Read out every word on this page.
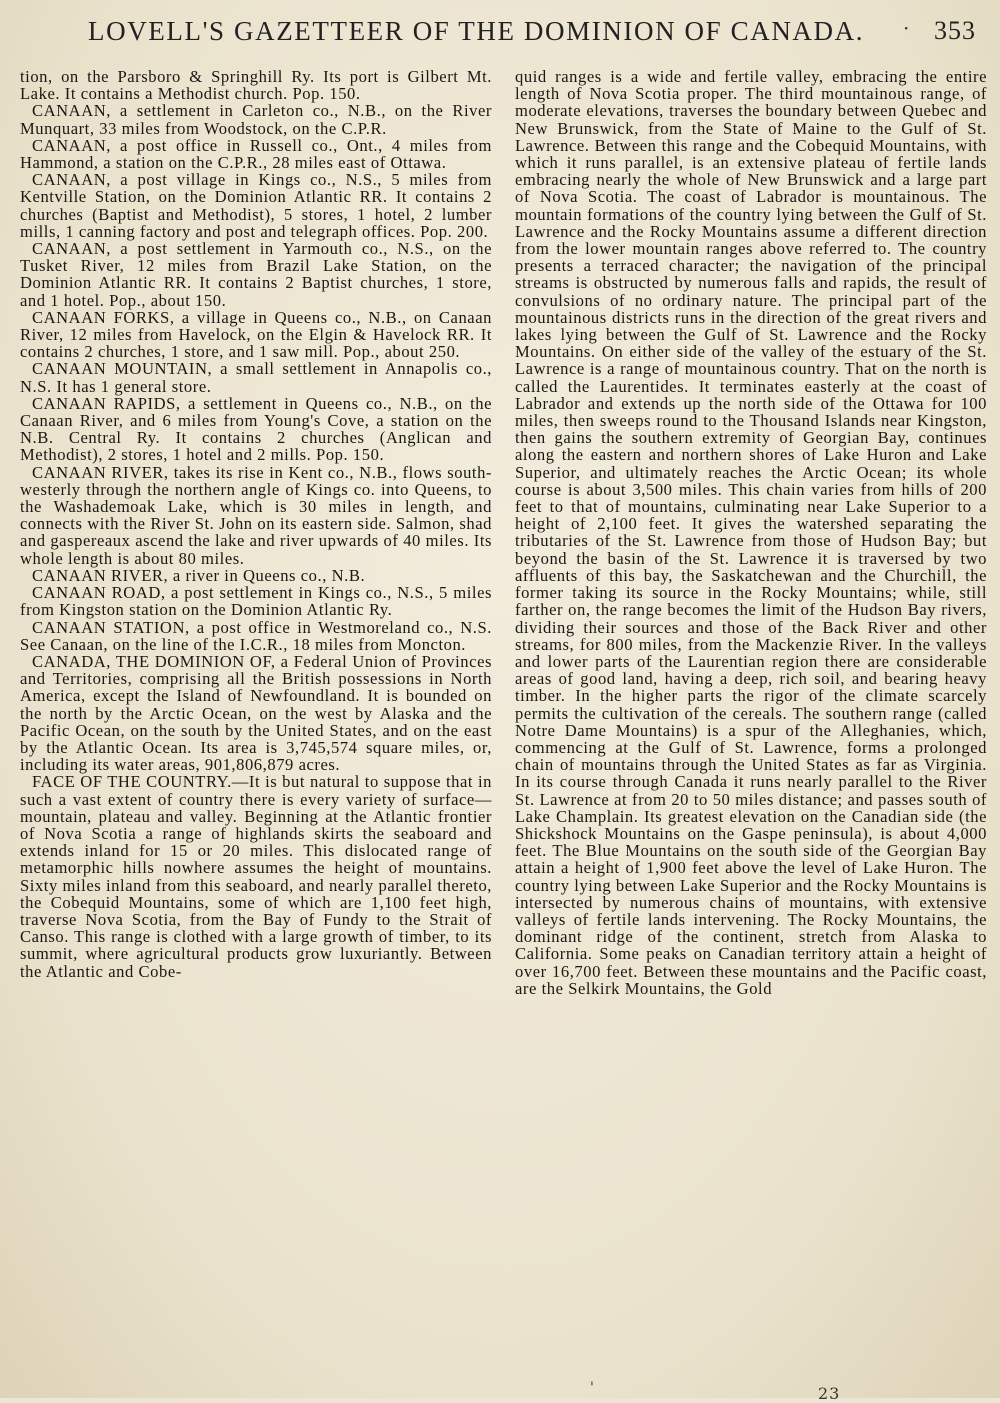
LOVELL'S GAZETTEER OF THE DOMINION OF CANADA. · 353

tion, on the Parsboro & Springhill Ry. Its port is Gilbert Mt. Lake. It contains a Methodist church. Pop. 150.

CANAAN, a settlement in Carleton co., N.B., on the River Munquart, 33 miles from Woodstock, on the C.P.R.

CANAAN, a post office in Russell co., Ont., 4 miles from Hammond, a station on the C.P.R., 28 miles east of Ottawa.

CANAAN, a post village in Kings co., N.S., 5 miles from Kentville Station, on the Dominion Atlantic RR. It contains 2 churches (Baptist and Methodist), 5 stores, 1 hotel, 2 lumber mills, 1 canning factory and post and telegraph offices. Pop. 200.

CANAAN, a post settlement in Yarmouth co., N.S., on the Tusket River, 12 miles from Brazil Lake Station, on the Dominion Atlantic RR. It contains 2 Baptist churches, 1 store, and 1 hotel. Pop., about 150.

CANAAN FORKS, a village in Queens co., N.B., on Canaan River, 12 miles from Havelock, on the Elgin & Havelock RR. It contains 2 churches, 1 store, and 1 saw mill. Pop., about 250.

CANAAN MOUNTAIN, a small settlement in Annapolis co., N.S. It has 1 general store.

CANAAN RAPIDS, a settlement in Queens co., N.B., on the Canaan River, and 6 miles from Young's Cove, a station on the N.B. Central Ry. It contains 2 churches (Anglican and Methodist), 2 stores, 1 hotel and 2 mills. Pop. 150.

CANAAN RIVER, takes its rise in Kent co., N.B., flows south-westerly through the northern angle of Kings co. into Queens, to the Washademoak Lake, which is 30 miles in length, and connects with the River St. John on its eastern side. Salmon, shad and gaspereaux ascend the lake and river upwards of 40 miles. Its whole length is about 80 miles.

CANAAN RIVER, a river in Queens co., N.B.

CANAAN ROAD, a post settlement in Kings co., N.S., 5 miles from Kingston station on the Dominion Atlantic Ry.

CANAAN STATION, a post office in Westmoreland co., N.S. See Canaan, on the line of the I.C.R., 18 miles from Moncton.

CANADA, THE DOMINION OF, a Federal Union of Provinces and Territories, comprising all the British possessions in North America, except the Island of Newfoundland. It is bounded on the north by the Arctic Ocean, on the west by Alaska and the Pacific Ocean, on the south by the United States, and on the east by the Atlantic Ocean. Its area is 3,745,574 square miles, or, including its water areas, 901,806,879 acres.

FACE OF THE COUNTRY.—It is but natural to suppose that in such a vast extent of country there is every variety of surface—mountain, plateau and valley. Beginning at the Atlantic frontier of Nova Scotia a range of highlands skirts the seaboard and extends inland for 15 or 20 miles. This dislocated range of metamorphic hills nowhere assumes the height of mountains. Sixty miles inland from this seaboard, and nearly parallel thereto, the Cobequid Mountains, some of which are 1,100 feet high, traverse Nova Scotia, from the Bay of Fundy to the Strait of Canso. This range is clothed with a large growth of timber, to its summit, where agricultural products grow luxuriantly. Between the Atlantic and Cobe-

quid ranges is a wide and fertile valley, embracing the entire length of Nova Scotia proper. The third mountainous range, of moderate elevations, traverses the boundary between Quebec and New Brunswick, from the State of Maine to the Gulf of St. Lawrence. Between this range and the Cobequid Mountains, with which it runs parallel, is an extensive plateau of fertile lands embracing nearly the whole of New Brunswick and a large part of Nova Scotia. The coast of Labrador is mountainous. The mountain formations of the country lying between the Gulf of St. Lawrence and the Rocky Mountains assume a different direction from the lower mountain ranges above referred to. The country presents a terraced character; the navigation of the principal streams is obstructed by numerous falls and rapids, the result of convulsions of no ordinary nature. The principal part of the mountainous districts runs in the direction of the great rivers and lakes lying between the Gulf of St. Lawrence and the Rocky Mountains. On either side of the valley of the estuary of the St. Lawrence is a range of mountainous country. That on the north is called the Laurentides. It terminates easterly at the coast of Labrador and extends up the north side of the Ottawa for 100 miles, then sweeps round to the Thousand Islands near Kingston, then gains the southern extremity of Georgian Bay, continues along the eastern and northern shores of Lake Huron and Lake Superior, and ultimately reaches the Arctic Ocean; its whole course is about 3,500 miles. This chain varies from hills of 200 feet to that of mountains, culminating near Lake Superior to a height of 2,100 feet. It gives the watershed separating the tributaries of the St. Lawrence from those of Hudson Bay; but beyond the basin of the St. Lawrence it is traversed by two affluents of this bay, the Saskatchewan and the Churchill, the former taking its source in the Rocky Mountains; while, still farther on, the range becomes the limit of the Hudson Bay rivers, dividing their sources and those of the Back River and other streams, for 800 miles, from the Mackenzie River. In the valleys and lower parts of the Laurentian region there are considerable areas of good land, having a deep, rich soil, and bearing heavy timber. In the higher parts the rigor of the climate scarcely permits the cultivation of the cereals. The southern range (called Notre Dame Mountains) is a spur of the Alleghanies, which, commencing at the Gulf of St. Lawrence, forms a prolonged chain of mountains through the United States as far as Virginia. In its course through Canada it runs nearly parallel to the River St. Lawrence at from 20 to 50 miles distance; and passes south of Lake Champlain. Its greatest elevation on the Canadian side (the Shickshock Mountains on the Gaspe peninsula), is about 4,000 feet. The Blue Mountains on the south side of the Georgian Bay attain a height of 1,900 feet above the level of Lake Huron. The country lying between Lake Superior and the Rocky Mountains is intersected by numerous chains of mountains, with extensive valleys of fertile lands intervening. The Rocky Mountains, the dominant ridge of the continent, stretch from Alaska to California. Some peaks on Canadian territory attain a height of over 16,700 feet. Between these mountains and the Pacific coast, are the Selkirk Mountains, the Gold

'	23
